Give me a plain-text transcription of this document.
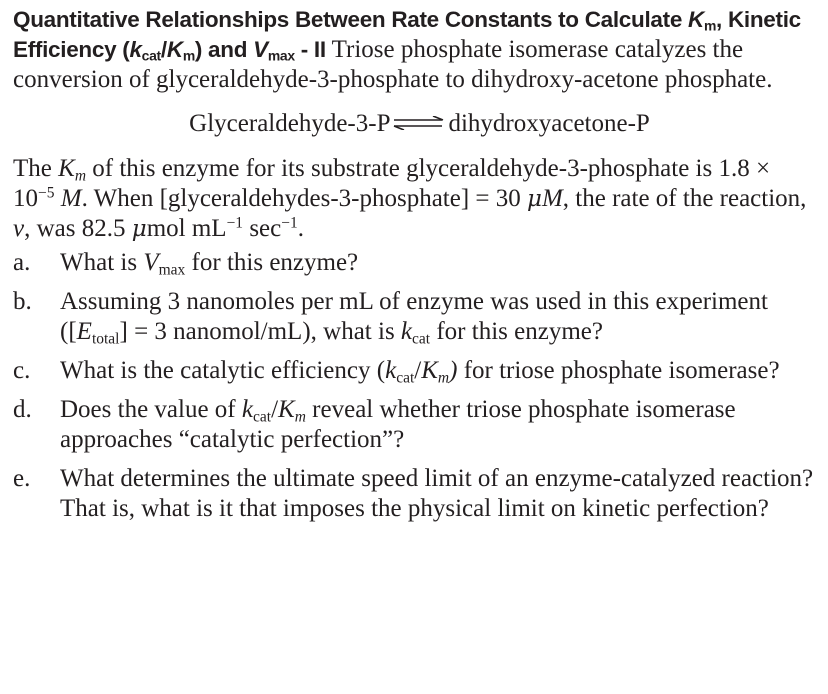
Quantitative Relationships Between Rate Constants to Calculate $K_m$, Kinetic Efficiency $(k_{cat}/K_m)$ and $V_{max}$ - II Triose phosphate isomerase catalyzes the conversion of glyceraldehyde-3-phosphate to dihydroxy-acetone phosphate.

Glyceraldehyde-3-P ⇌ dihydroxyacetone-P

The $K_m$ of this enzyme for its substrate glyceraldehyde-3-phosphate is $1.8 \times 10^{-5}$ M. When [glyceraldehydes-3-phosphate] = 30 μM, the rate of the reaction, v, was 82.5 μmol $mL^{-1}$ $\sec^{-1}$.

a.	What is $V_{max}$ for this enzyme?
b.	Assuming 3 nanomoles per mL of enzyme was used in this experiment ($[E_{total}] = 3$ nanomol/mL), what is $k_{cat}$ for this enzyme?
c.	What is the catalytic efficiency $(k_{cat}/K_m)$ for triose phosphate isomerase?
d.	Does the value of $k_{cat}/K_m$ reveal whether triose phosphate isomerase approaches “catalytic perfection”?
e.	What determines the ultimate speed limit of an enzyme-catalyzed reaction? That is, what is it that imposes the physical limit on kinetic perfection?
